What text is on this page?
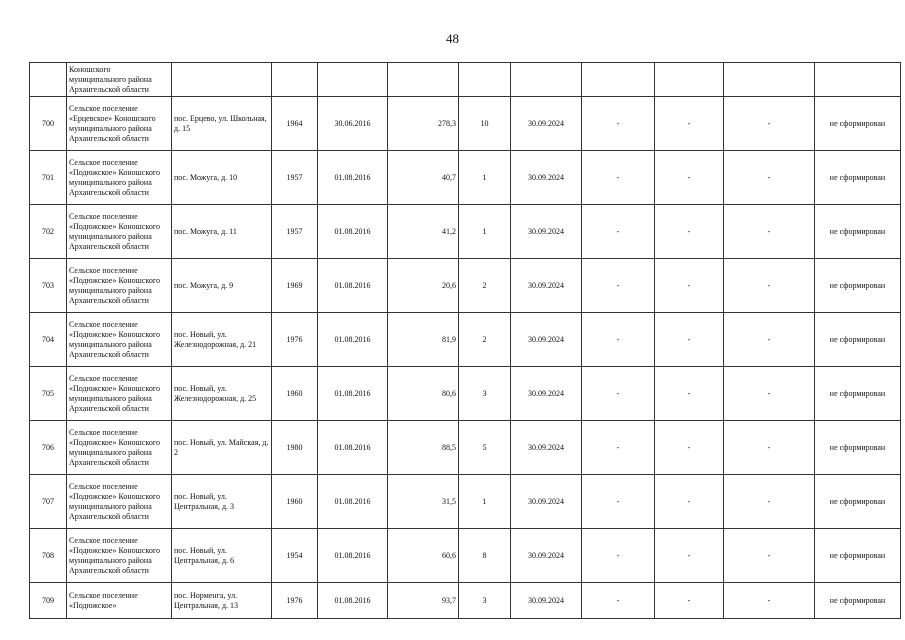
48
	Коношского муниципального района Архангельской области										
700	Сельское поселение «Ерцевское» Коношского муниципального района Архангельской области	пос. Ерцево, ул. Школьная, д. 15	1964	30.06.2016	278,3	10	30.09.2024	-	-	-	не сформирован
701	Сельское поселение «Подюжское» Коношского муниципального района Архангельской области	пос. Можуга, д. 10	1957	01.08.2016	40,7	1	30.09.2024	-	-	-	не сформирован
702	Сельское поселение «Подюжское» Коношского муниципального района Архангельской области	пос. Можуга, д. 11	1957	01.08.2016	41,2	1	30.09.2024	-	-	-	не сформирован
703	Сельское поселение «Подюжское» Коношского муниципального района Архангельской области	пос. Можуга, д. 9	1969	01.08.2016	20,6	2	30.09.2024	-	-	-	не сформирован
704	Сельское поселение «Подюжское» Коношского муниципального района Архангельской области	пос. Новый, ул. Железнодорожная, д. 21	1976	01.08.2016	81,9	2	30.09.2024	-	-	-	не сформирован
705	Сельское поселение «Подюжское» Коношского муниципального района Архангельской области	пос. Новый, ул. Железнодорожная, д. 25	1960	01.08.2016	80,6	3	30.09.2024	-	-	-	не сформирован
706	Сельское поселение «Подюжское» Коношского муниципального района Архангельской области	пос. Новый, ул. Майская, д. 2	1980	01.08.2016	88,5	5	30.09.2024	-	-	-	не сформирован
707	Сельское поселение «Подюжское» Коношского муниципального района Архангельской области	пос. Новый, ул. Центральная, д. 3	1960	01.08.2016	31,5	1	30.09.2024	-	-	-	не сформирован
708	Сельское поселение «Подюжское» Коношского муниципального района Архангельской области	пос. Новый, ул. Центральная, д. 6	1954	01.08.2016	60,6	8	30.09.2024	-	-	-	не сформирован
709	Сельское поселение «Подюжское»	пос. Норменга, ул. Центральная, д. 13	1976	01.08.2016	93,7	3	30.09.2024	-	-	-	не сформирован
